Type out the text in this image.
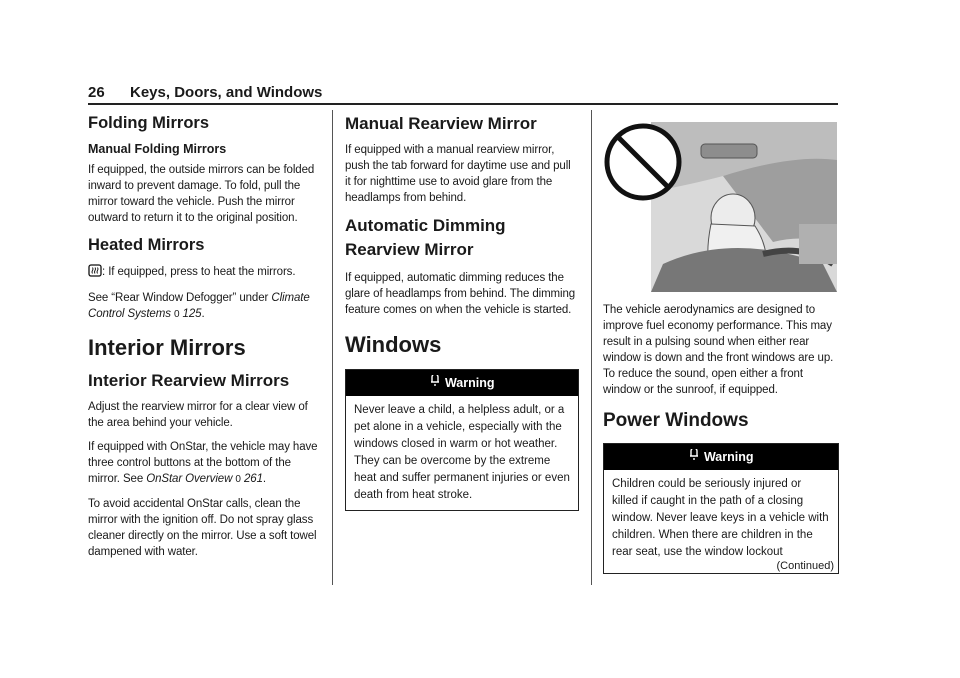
26 Keys, Doors, and Windows
Folding Mirrors
Manual Folding Mirrors

If equipped, the outside mirrors can be folded inward to prevent damage. To fold, pull the mirror toward the vehicle. Push the mirror outward to return it to the original position.

Heated Mirrors

: If equipped, press to heat the mirrors.

See “Rear Window Defogger” under Climate Control Systems 0 125.

Interior Mirrors
Interior Rearview Mirrors

Adjust the rearview mirror for a clear view of the area behind your vehicle.

If equipped with OnStar, the vehicle may have three control buttons at the bottom of the mirror. See OnStar Overview 0 261.

To avoid accidental OnStar calls, clean the mirror with the ignition off. Do not spray glass cleaner directly on the mirror. Use a soft towel dampened with water.

Manual Rearview Mirror

If equipped with a manual rearview mirror, push the tab forward for daytime use and pull it for nighttime use to avoid glare from the headlamps from behind.

Automatic Dimming Rearview Mirror

If equipped, automatic dimming reduces the glare of headlamps from behind. The dimming feature comes on when the vehicle is started.

Windows
Warning
Never leave a child, a helpless adult, or a pet alone in a vehicle, especially with the windows closed in warm or hot weather. They can be overcome by the extreme heat and suffer permanent injuries or even death from heat stroke.

The vehicle aerodynamics are designed to improve fuel economy performance. This may result in a pulsing sound when either rear window is down and the front windows are up. To reduce the sound, open either a front window or the sunroof, if equipped.

Power Windows
Warning
Children could be seriously injured or killed if caught in the path of a closing window. Never leave keys in a vehicle with children. When there are children in the rear seat, use the window lockout
(Continued)
